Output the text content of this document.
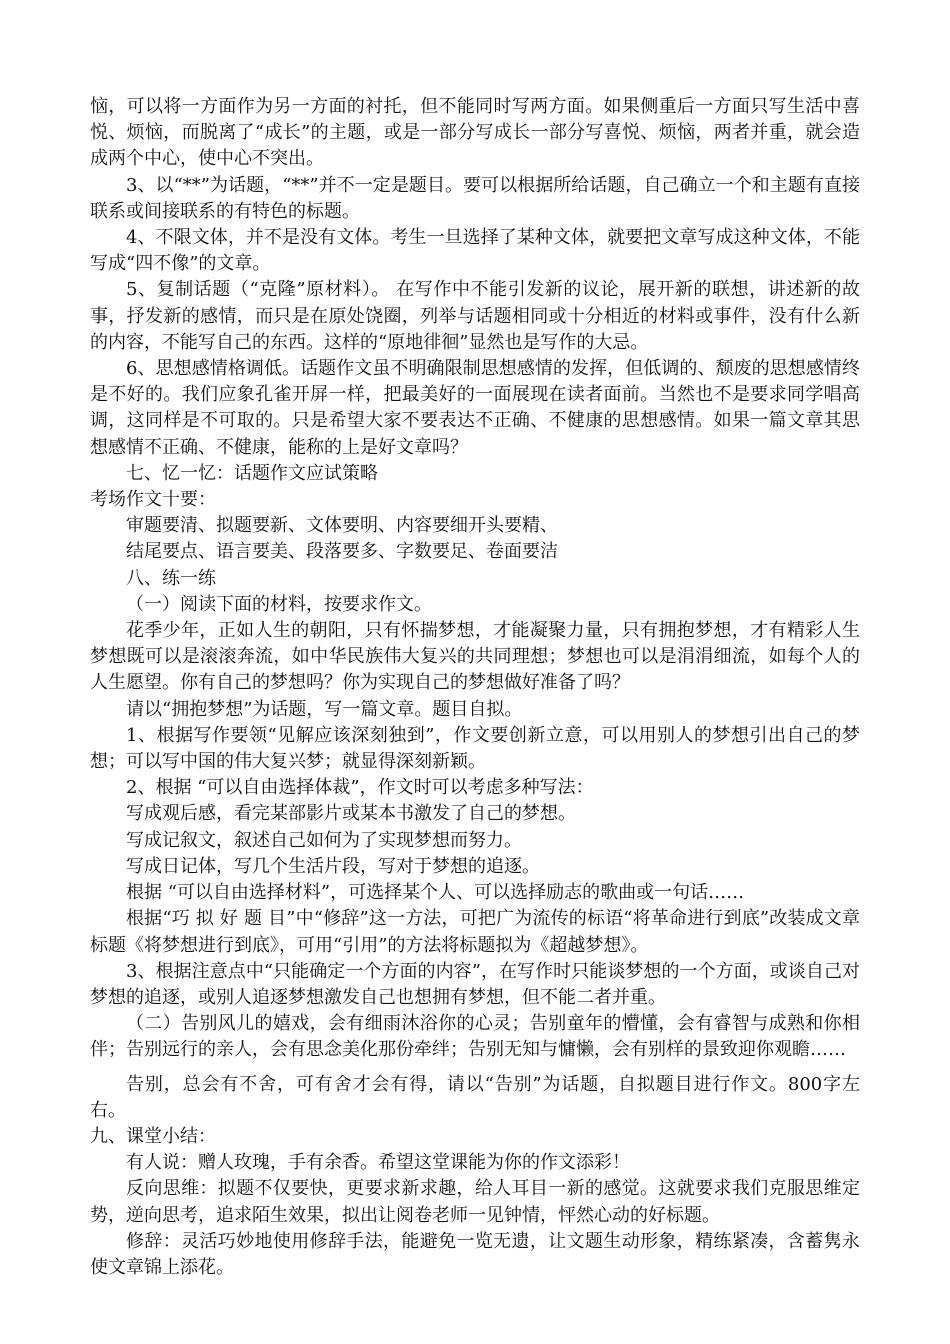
恼，可以将一方面作为另一方面的衬托，但不能同时写两方面。如果侧重后一方面只写生活中喜悦、烦恼，而脱离了“成长”的主题，或是一部分写成长一部分写喜悦、烦恼，两者并重，就会造成两个中心，使中心不突出。

3、以“**”为话题，“**”并不一定是题目。要可以根据所给话题，自己确立一个和主题有直接联系或间接联系的有特色的标题。

4、不限文体，并不是没有文体。考生一旦选择了某种文体，就要把文章写成这种文体，不能写成“四不像”的文章。

5、复制话题（“克隆”原材料）。 在写作中不能引发新的议论，展开新的联想，讲述新的故事，抒发新的感情，而只是在原处饶圈，列举与话题相同或十分相近的材料或事件，没有什么新的内容，不能写自己的东西。这样的“原地徘徊”显然也是写作的大忌。

6、思想感情格调低。话题作文虽不明确限制思想感情的发挥，但低调的、颓废的思想感情终是不好的。我们应象孔雀开屏一样，把最美好的一面展现在读者面前。当然也不是要求同学唱高调，这同样是不可取的。只是希望大家不要表达不正确、不健康的思想感情。如果一篇文章其思想感情不正确、不健康，能称的上是好文章吗？

七、忆一忆：话题作文应试策略

考场作文十要：

审题要清、拟题要新、文体要明、内容要细开头要精、

结尾要点、语言要美、段落要多、字数要足、卷面要洁

八、练一练

（一）阅读下面的材料，按要求作文。

花季少年，正如人生的朝阳，只有怀揣梦想，才能凝聚力量，只有拥抱梦想，才有精彩人生梦想既可以是滚滚奔流，如中华民族伟大复兴的共同理想；梦想也可以是涓涓细流，如每个人的人生愿望。你有自己的梦想吗？你为实现自己的梦想做好准备了吗？

请以“拥抱梦想”为话题，写一篇文章。题目自拟。

1、根据写作要领“见解应该深刻独到”，作文要创新立意，可以用别人的梦想引出自己的梦想；可以写中国的伟大复兴梦；就显得深刻新颖。

2、根据 “可以自由选择体裁”，作文时可以考虑多种写法：

写成观后感，看完某部影片或某本书激发了自己的梦想。

写成记叙文，叙述自己如何为了实现梦想而努力。

写成日记体，写几个生活片段，写对于梦想的追逐。

根据 “可以自由选择材料”，可选择某个人、可以选择励志的歌曲或一句话……

根据“巧 拟 好 题 目”中“修辞”这一方法，可把广为流传的标语“将革命进行到底”改装成文章标题《将梦想进行到底》，可用“引用”的方法将标题拟为《超越梦想》。

3、根据注意点中“只能确定一个方面的内容”，在写作时只能谈梦想的一个方面，或谈自己对梦想的追逐，或别人追逐梦想激发自己也想拥有梦想，但不能二者并重。

（二）告别风儿的嬉戏，会有细雨沐浴你的心灵；告别童年的懵懂，会有睿智与成熟和你相伴；告别远行的亲人，会有思念美化那份牵绊；告别无知与慵懒，会有别样的景致迎你观瞻……

告别，总会有不舍，可有舍才会有得，请以“告别”为话题，自拟题目进行作文。800字左右。

九、课堂小结：

有人说：赠人玫瑰，手有余香。希望这堂课能为你的作文添彩！

反向思维：拟题不仅要快，更要求新求趣，给人耳目一新的感觉。这就要求我们克服思维定势，逆向思考，追求陌生效果，拟出让阅卷老师一见钟情，怦然心动的好标题。

修辞：灵活巧妙地使用修辞手法，能避免一览无遗，让文题生动形象，精练紧凑，含蓄隽永使文章锦上添花。
